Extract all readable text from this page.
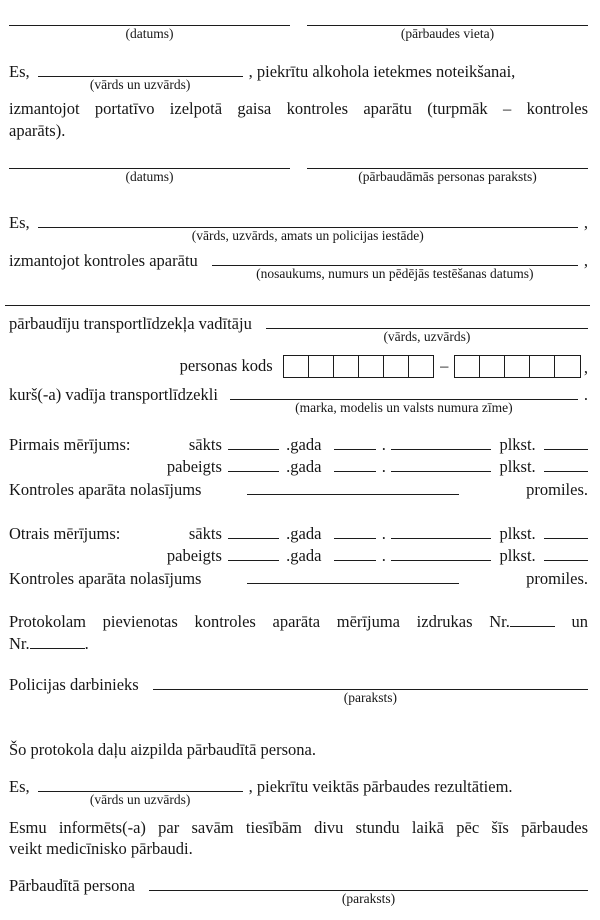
(datums)	(pārbaudes vieta)
Es,
(vārds un uzvārds)
, piekrītu alkohola ietekmes noteikšanai,
izmantojot portatīvo izelpotā gaisa kontroles aparātu (turpmāk – kontroles
aparāts).
(datums)	(pārbaudāmās personas paraksts)
Es,
(vārds, uzvārds, amats un policijas iestāde)
,
izmantojot kontroles aparātu
(nosaukums, numurs un pēdējās testēšanas datums)
,
pārbaudīju transportlīdzekļa vadītāju
(vārds, uzvārds)
personas kods	–	,
kurš(-a) vadīja transportlīdzekli
(marka, modelis un valsts numura zīme)
.
Pirmais mērījums:	sākts	.gada	.	plkst.
pabeigts	.gada	.	plkst.
Kontroles aparāta nolasījums	promiles.
Otrais mērījums:	sākts	.gada	.	plkst.
pabeigts	.gada	.	plkst.
Kontroles aparāta nolasījums	promiles.
Protokolam pievienotas kontroles aparāta mērījuma izdrukas Nr.	un
Nr.	.
Policijas darbinieks
(paraksts)
Šo protokola daļu aizpilda pārbaudītā persona.
Es,
(vārds un uzvārds)
, piekrītu veiktās pārbaudes rezultātiem.
Esmu informēts(-a) par savām tiesībām divu stundu laikā pēc šīs pārbaudes
veikt medicīnisko pārbaudi.
Pārbaudītā persona
(paraksts)
